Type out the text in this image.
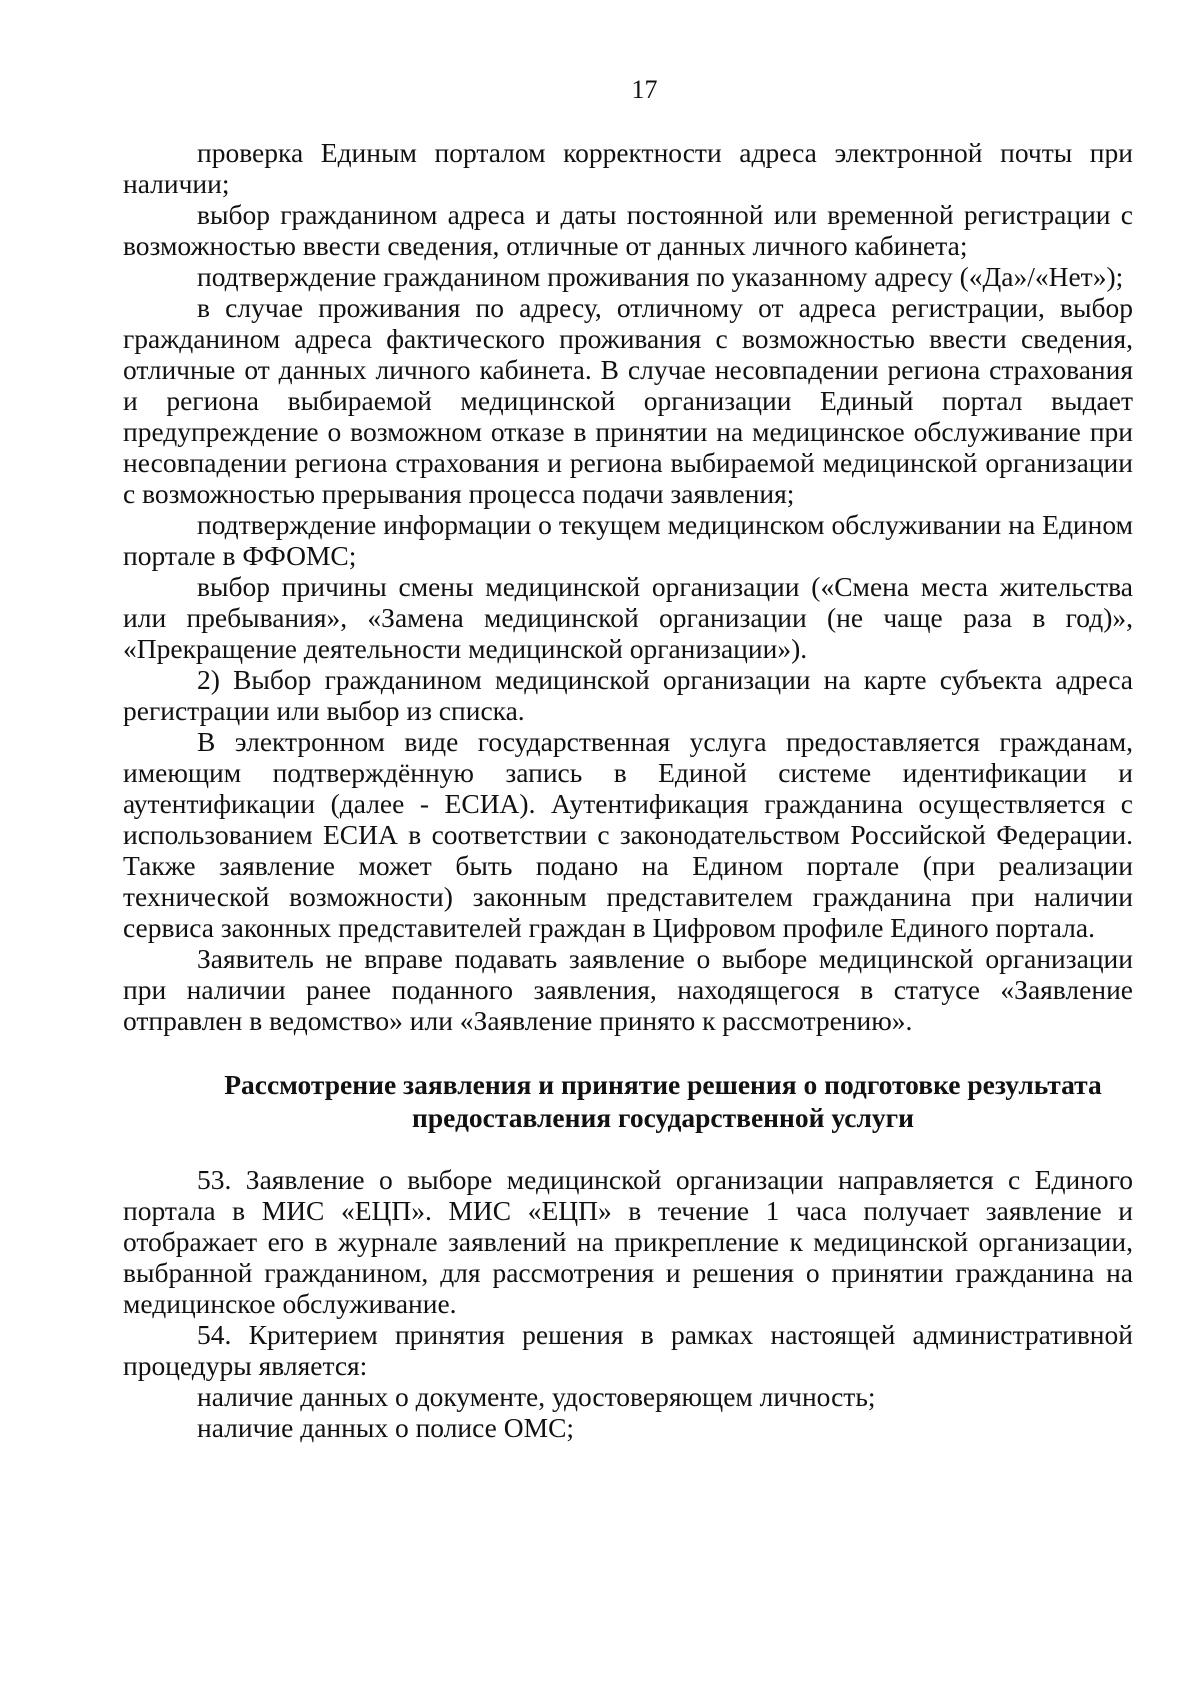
17

проверка Единым порталом корректности адреса электронной почты при наличии;

выбор гражданином адреса и даты постоянной или временной регистрации с возможностью ввести сведения, отличные от данных личного кабинета;

подтверждение гражданином проживания по указанному адресу («Да»/«Нет»);

в случае проживания по адресу, отличному от адреса регистрации, выбор гражданином адреса фактического проживания с возможностью ввести сведения, отличные от данных личного кабинета. В случае несовпадении региона страхования и региона выбираемой медицинской организации Единый портал выдает предупреждение о возможном отказе в принятии на медицинское обслуживание при несовпадении региона страхования и региона выбираемой медицинской организации с возможностью прерывания процесса подачи заявления;

подтверждение информации о текущем медицинском обслуживании на Едином портале в ФФОМС;

выбор причины смены медицинской организации («Смена места жительства или пребывания», «Замена медицинской организации (не чаще раза в год)», «Прекращение деятельности медицинской организации»).

2) Выбор гражданином медицинской организации на карте субъекта адреса регистрации или выбор из списка.

В электронном виде государственная услуга предоставляется гражданам, имеющим подтверждённую запись в Единой системе идентификации и аутентификации (далее - ЕСИА). Аутентификация гражданина осуществляется с использованием ЕСИА в соответствии с законодательством Российской Федерации. Также заявление может быть подано на Едином портале (при реализации технической возможности) законным представителем гражданина при наличии сервиса законных представителей граждан в Цифровом профиле Единого портала.

Заявитель не вправе подавать заявление о выборе медицинской организации при наличии ранее поданного заявления, находящегося в статусе «Заявление отправлен в ведомство» или «Заявление принято к рассмотрению».

Рассмотрение заявления и принятие решения о подготовке результата
предоставления государственной услуги

53. Заявление о выборе медицинской организации направляется с Единого портала в МИС «ЕЦП». МИС «ЕЦП» в течение 1 часа получает заявление и отображает его в журнале заявлений на прикрепление к медицинской организации, выбранной гражданином, для рассмотрения и решения о принятии гражданина на медицинское обслуживание.

54. Критерием принятия решения в рамках настоящей административной процедуры является:

наличие данных о документе, удостоверяющем личность;

наличие данных о полисе ОМС;
